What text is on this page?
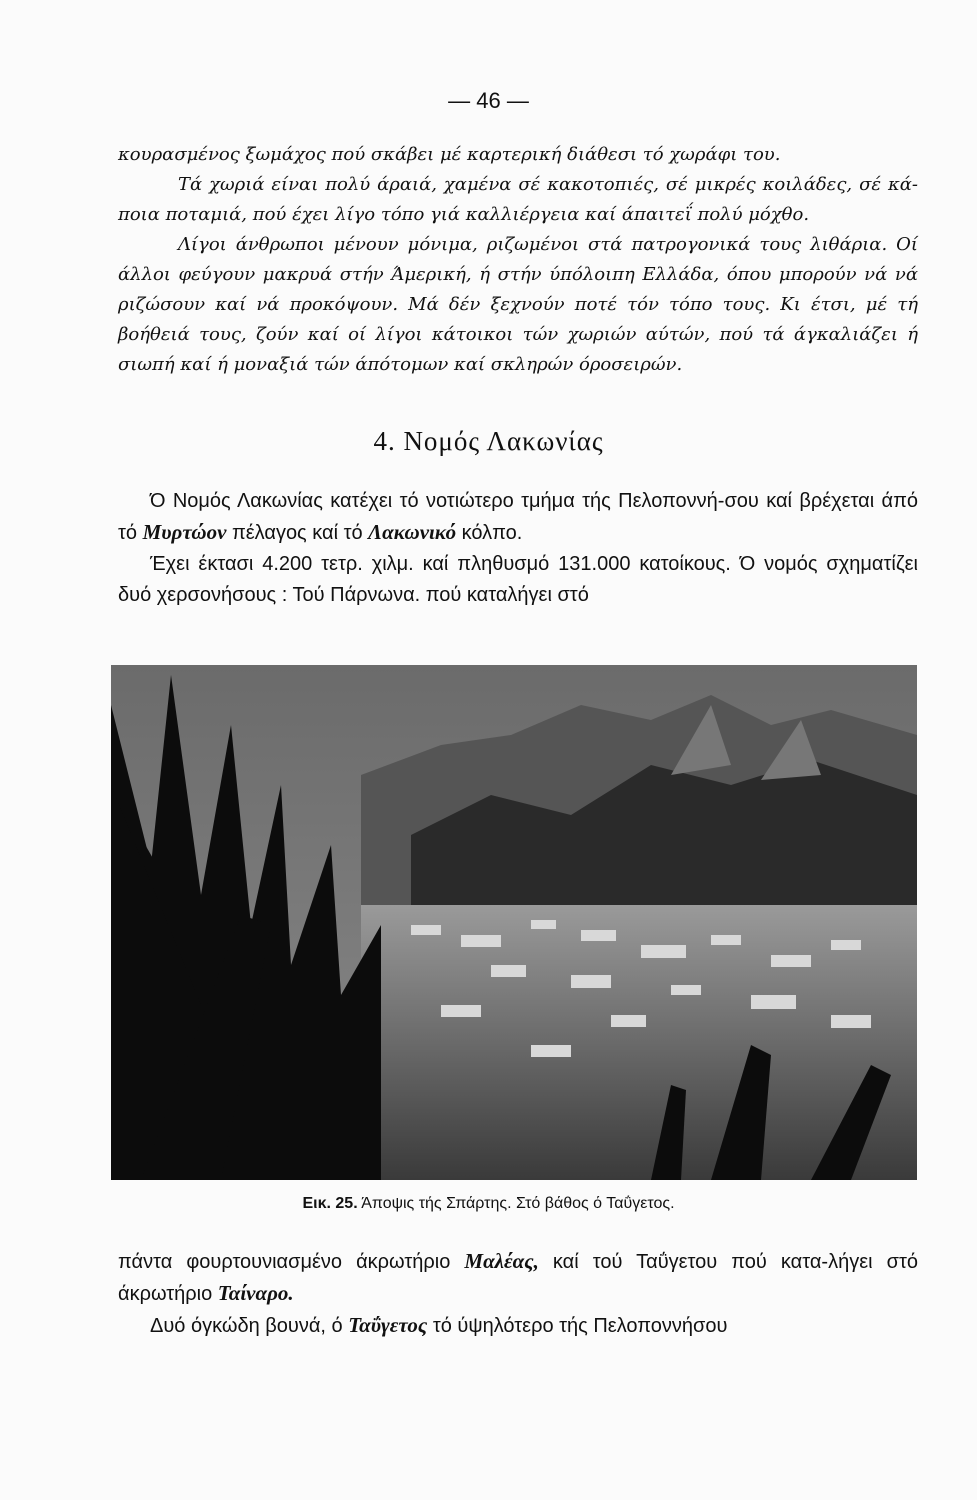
— 46 —

κουρασμένος ξωμάχος πού σκάβει μέ καρτερική διάθεσι τό χωράφι του.

Τά χωριά είναι πολύ άραιά, χαμένα σέ κακοτοπιές, σέ μικρές κοιλάδες, σέ κά-ποια ποταμιά, πού έχει λίγο τόπο γιά καλλιέργεια καί άπαιτεΐ πολύ μόχθο.

Λίγοι άνθρωποι μένουν μόνιμα, ριζωμένοι στά πατρογονικά τους λιθάρια. Οί άλλοι φεύγουν μακρυά στήν Άμερική, ή στήν ύπόλοιπη Ελλάδα, όπου μπορούν νά νά ριζώσουν καί νά προκόψουν. Μά δέν ξεχνούν ποτέ τόν τόπο τους. Κι έτσι, μέ τή βοήθειά τους, ζούν καί οί λίγοι κάτοικοι τών χωριών αύτών, πού τά άγκαλιάζει ή σιωπή καί ή μοναξιά τών άπότομων καί σκληρών όροσειρών.

4. Νομός Λακωνίας

Ό Νομός Λακωνίας κατέχει τό νοτιώτερο τμήμα τής Πελοποννή-σου καί βρέχεται άπό τό Μυρτώον πέλαγος καί τό Λακωνικό κόλπο.

Έχει έκτασι 4.200 τετρ. χιλμ. καί πληθυσμό 131.000 κατοίκους. Ό νομός σχηματίζει δυό χερσονήσους : Τού Πάρνωνα. πού καταλήγει στό

Εικ. 25. Άποψις τής Σπάρτης. Στό βάθος ό Ταΰγετος.

πάντα φουρτουνιασμένο άκρωτήριο Μαλέας, καί τού Ταΰγετου πού κατα-λήγει στό άκρωτήριο Ταίναρο.

Δυό όγκώδη βουνά, ό Ταΰγετος τό ύψηλότερο τής Πελοποννήσου
